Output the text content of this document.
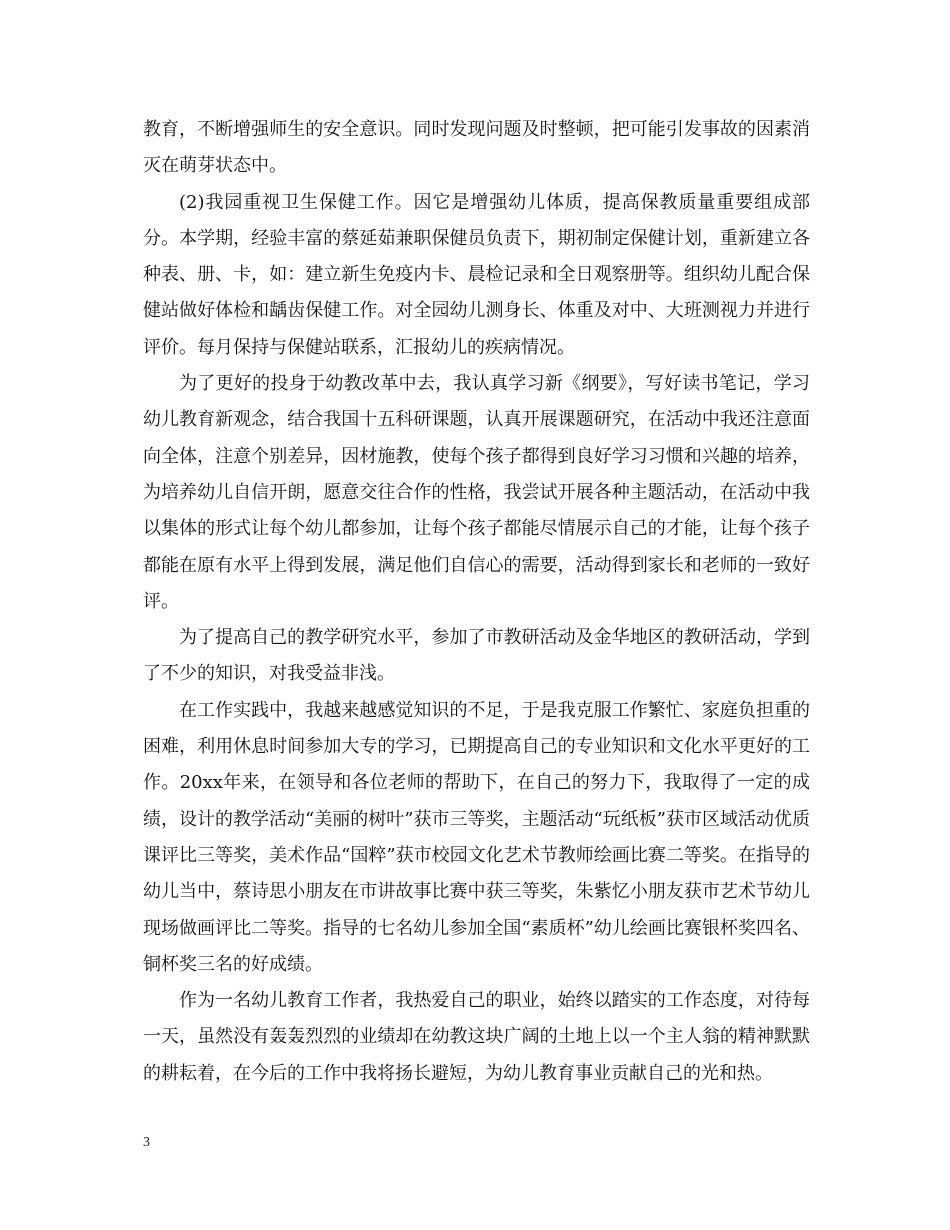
教育，不断增强师生的安全意识。同时发现问题及时整顿，把可能引发事故的因素消灭在萌芽状态中。

(2)我园重视卫生保健工作。因它是增强幼儿体质，提高保教质量重要组成部分。本学期，经验丰富的蔡延茹兼职保健员负责下，期初制定保健计划，重新建立各种表、册、卡，如：建立新生免疫内卡、晨检记录和全日观察册等。组织幼儿配合保健站做好体检和龋齿保健工作。对全园幼儿测身长、体重及对中、大班测视力并进行评价。每月保持与保健站联系，汇报幼儿的疾病情况。

为了更好的投身于幼教改革中去，我认真学习新《纲要》，写好读书笔记，学习幼儿教育新观念，结合我国十五科研课题，认真开展课题研究，在活动中我还注意面向全体，注意个别差异，因材施教，使每个孩子都得到良好学习习惯和兴趣的培养，为培养幼儿自信开朗，愿意交往合作的性格，我尝试开展各种主题活动，在活动中我以集体的形式让每个幼儿都参加，让每个孩子都能尽情展示自己的才能，让每个孩子都能在原有水平上得到发展，满足他们自信心的需要，活动得到家长和老师的一致好评。

为了提高自己的教学研究水平，参加了市教研活动及金华地区的教研活动，学到了不少的知识，对我受益非浅。

在工作实践中，我越来越感觉知识的不足，于是我克服工作繁忙、家庭负担重的困难，利用休息时间参加大专的学习，已期提高自己的专业知识和文化水平更好的工作。20xx年来，在领导和各位老师的帮助下，在自己的努力下，我取得了一定的成绩，设计的教学活动“美丽的树叶”获市三等奖，主题活动“玩纸板”获市区域活动优质课评比三等奖，美术作品“国粹”获市校园文化艺术节教师绘画比赛二等奖。在指导的幼儿当中，蔡诗思小朋友在市讲故事比赛中获三等奖，朱紫忆小朋友获市艺术节幼儿现场做画评比二等奖。指导的七名幼儿参加全国“素质杯”幼儿绘画比赛银杯奖四名、铜杯奖三名的好成绩。

作为一名幼儿教育工作者，我热爱自己的职业，始终以踏实的工作态度，对待每一天，虽然没有轰轰烈烈的业绩却在幼教这块广阔的土地上以一个主人翁的精神默默的耕耘着，在今后的工作中我将扬长避短，为幼儿教育事业贡献自己的光和热。

3
